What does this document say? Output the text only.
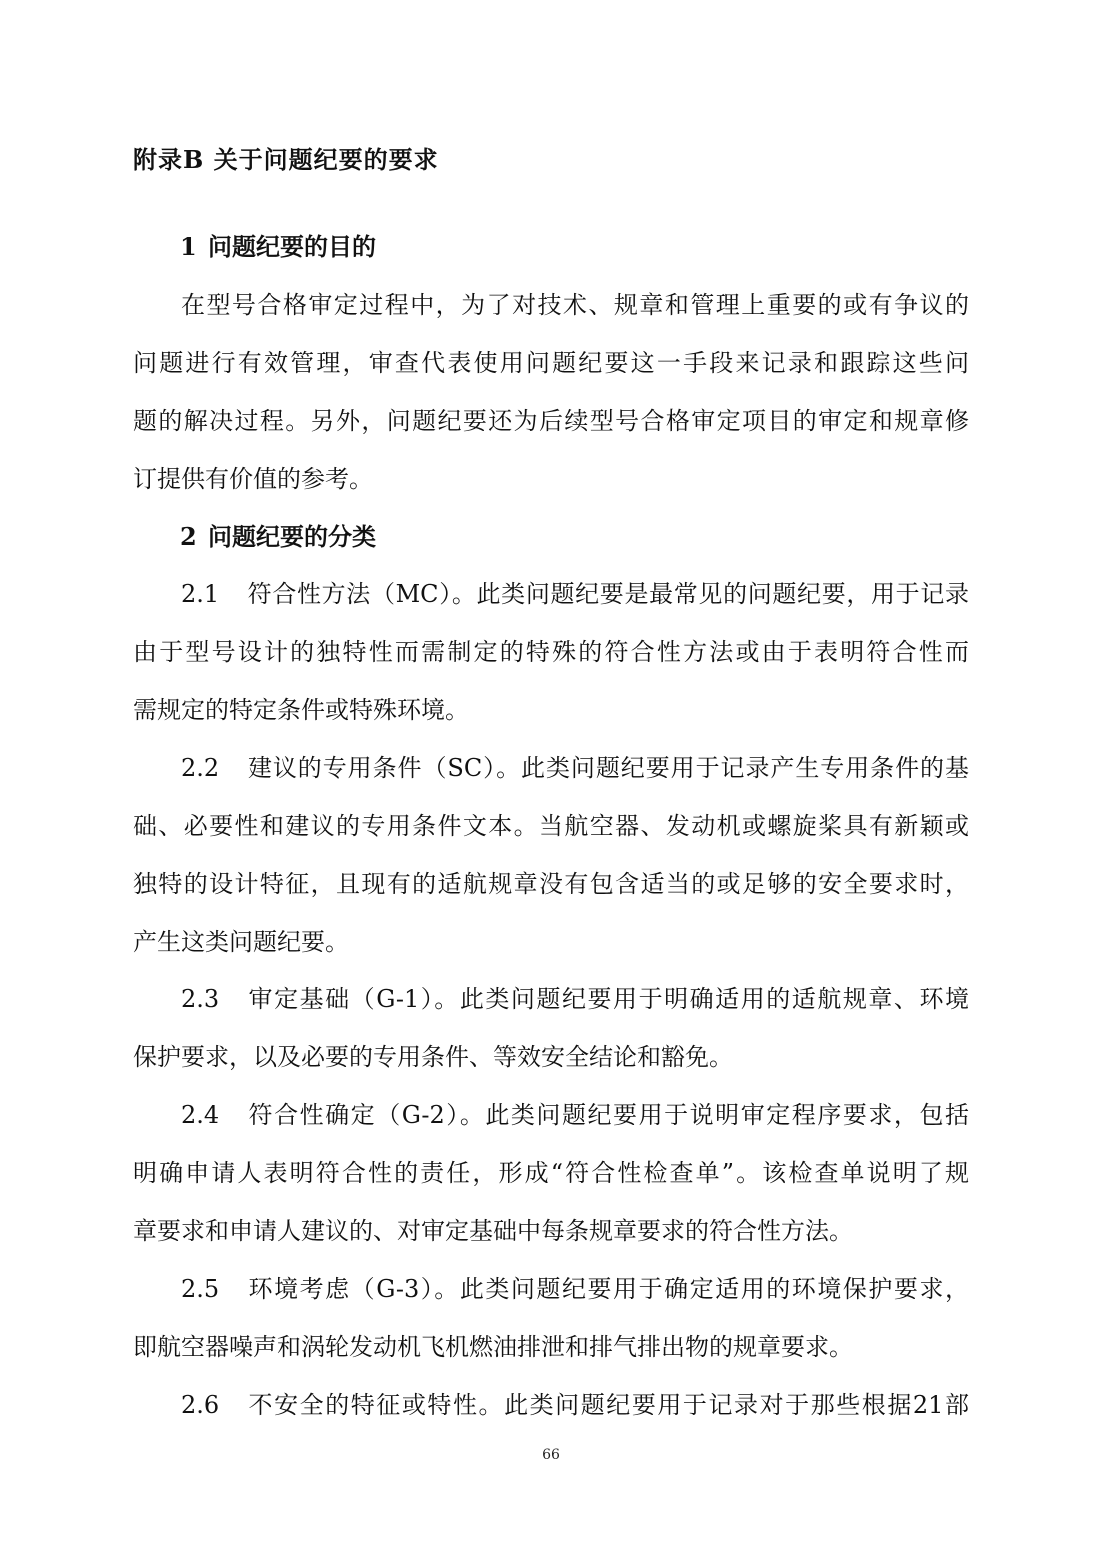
附录B 关于问题纪要的要求
1 问题纪要的目的
在型号合格审定过程中，为了对技术、规章和管理上重要的或有争议的
问题进行有效管理，审查代表使用问题纪要这一手段来记录和跟踪这些问
题的解决过程。另外，问题纪要还为后续型号合格审定项目的审定和规章修
订提供有价值的参考。
2 问题纪要的分类
2.1 符合性方法（MC）。此类问题纪要是最常见的问题纪要，用于记录
由于型号设计的独特性而需制定的特殊的符合性方法或由于表明符合性而
需规定的特定条件或特殊环境。
2.2 建议的专用条件（SC）。此类问题纪要用于记录产生专用条件的基
础、必要性和建议的专用条件文本。当航空器、发动机或螺旋桨具有新颖或
独特的设计特征，且现有的适航规章没有包含适当的或足够的安全要求时，
产生这类问题纪要。
2.3 审定基础（G-1）。此类问题纪要用于明确适用的适航规章、环境
保护要求，以及必要的专用条件、等效安全结论和豁免。
2.4 符合性确定（G-2）。此类问题纪要用于说明审定程序要求，包括
明确申请人表明符合性的责任，形成“符合性检查单”。该检查单说明了规
章要求和申请人建议的、对审定基础中每条规章要求的符合性方法。
2.5 环境考虑（G-3）。此类问题纪要用于确定适用的环境保护要求，
即航空器噪声和涡轮发动机飞机燃油排泄和排气排出物的规章要求。
2.6 不安全的特征或特性。此类问题纪要用于记录对于那些根据21部
66
